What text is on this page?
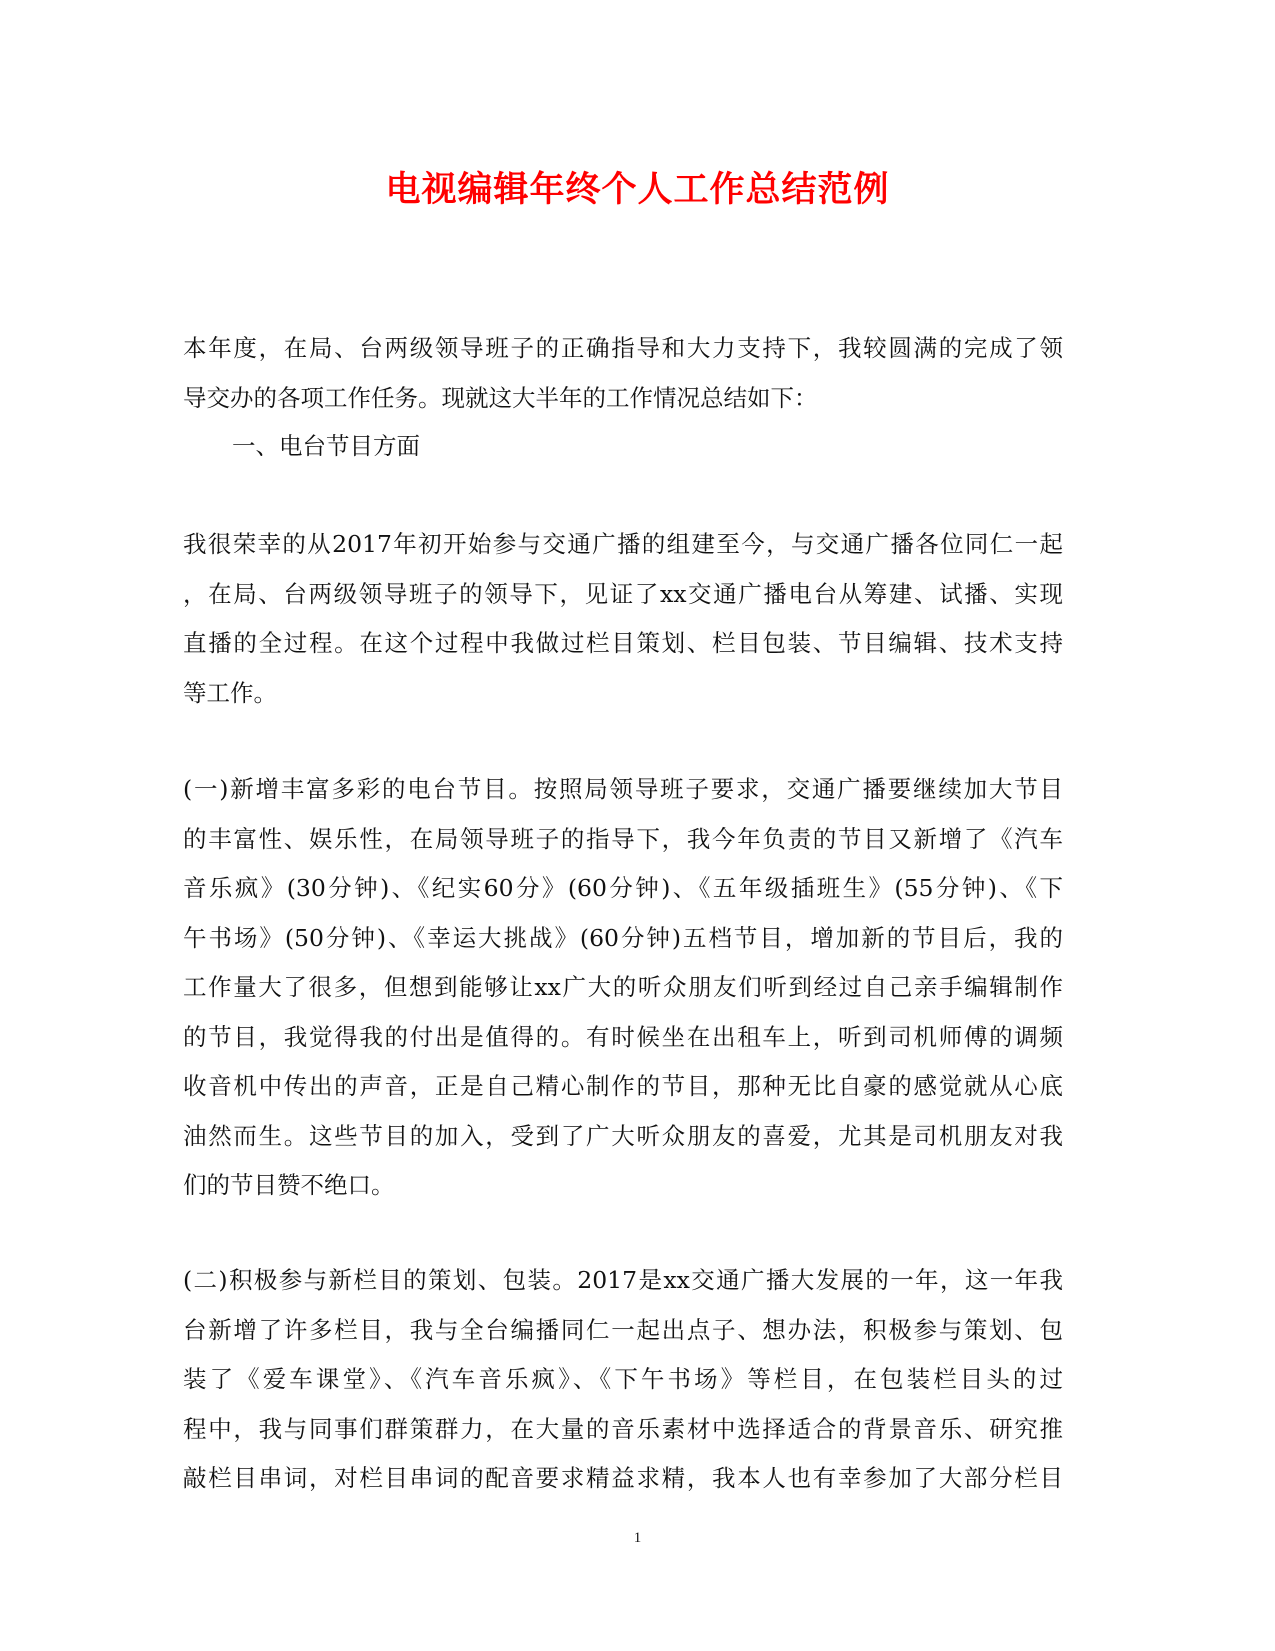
电视编辑年终个人工作总结范例
本年度，在局、台两级领导班子的正确指导和大力支持下，我较圆满的完成了领
导交办的各项工作任务。现就这大半年的工作情况总结如下：
一、电台节目方面
我很荣幸的从2017年初开始参与交通广播的组建至今，与交通广播各位同仁一起
，在局、台两级领导班子的领导下，见证了xx交通广播电台从筹建、试播、实现
直播的全过程。在这个过程中我做过栏目策划、栏目包装、节目编辑、技术支持
等工作。
(一)新增丰富多彩的电台节目。按照局领导班子要求，交通广播要继续加大节目
的丰富性、娱乐性，在局领导班子的指导下，我今年负责的节目又新增了《汽车
音乐疯》(30分钟)、《纪实60分》(60分钟)、《五年级插班生》(55分钟)、《下
午书场》(50分钟)、《幸运大挑战》(60分钟)五档节目，增加新的节目后，我的
工作量大了很多，但想到能够让xx广大的听众朋友们听到经过自己亲手编辑制作
的节目，我觉得我的付出是值得的。有时候坐在出租车上，听到司机师傅的调频
收音机中传出的声音，正是自己精心制作的节目，那种无比自豪的感觉就从心底
油然而生。这些节目的加入，受到了广大听众朋友的喜爱，尤其是司机朋友对我
们的节目赞不绝口。
(二)积极参与新栏目的策划、包装。2017是xx交通广播大发展的一年，这一年我
台新增了许多栏目，我与全台编播同仁一起出点子、想办法，积极参与策划、包
装了《爱车课堂》、《汽车音乐疯》、《下午书场》等栏目，在包装栏目头的过
程中，我与同事们群策群力，在大量的音乐素材中选择适合的背景音乐、研究推
敲栏目串词，对栏目串词的配音要求精益求精，我本人也有幸参加了大部分栏目
1
